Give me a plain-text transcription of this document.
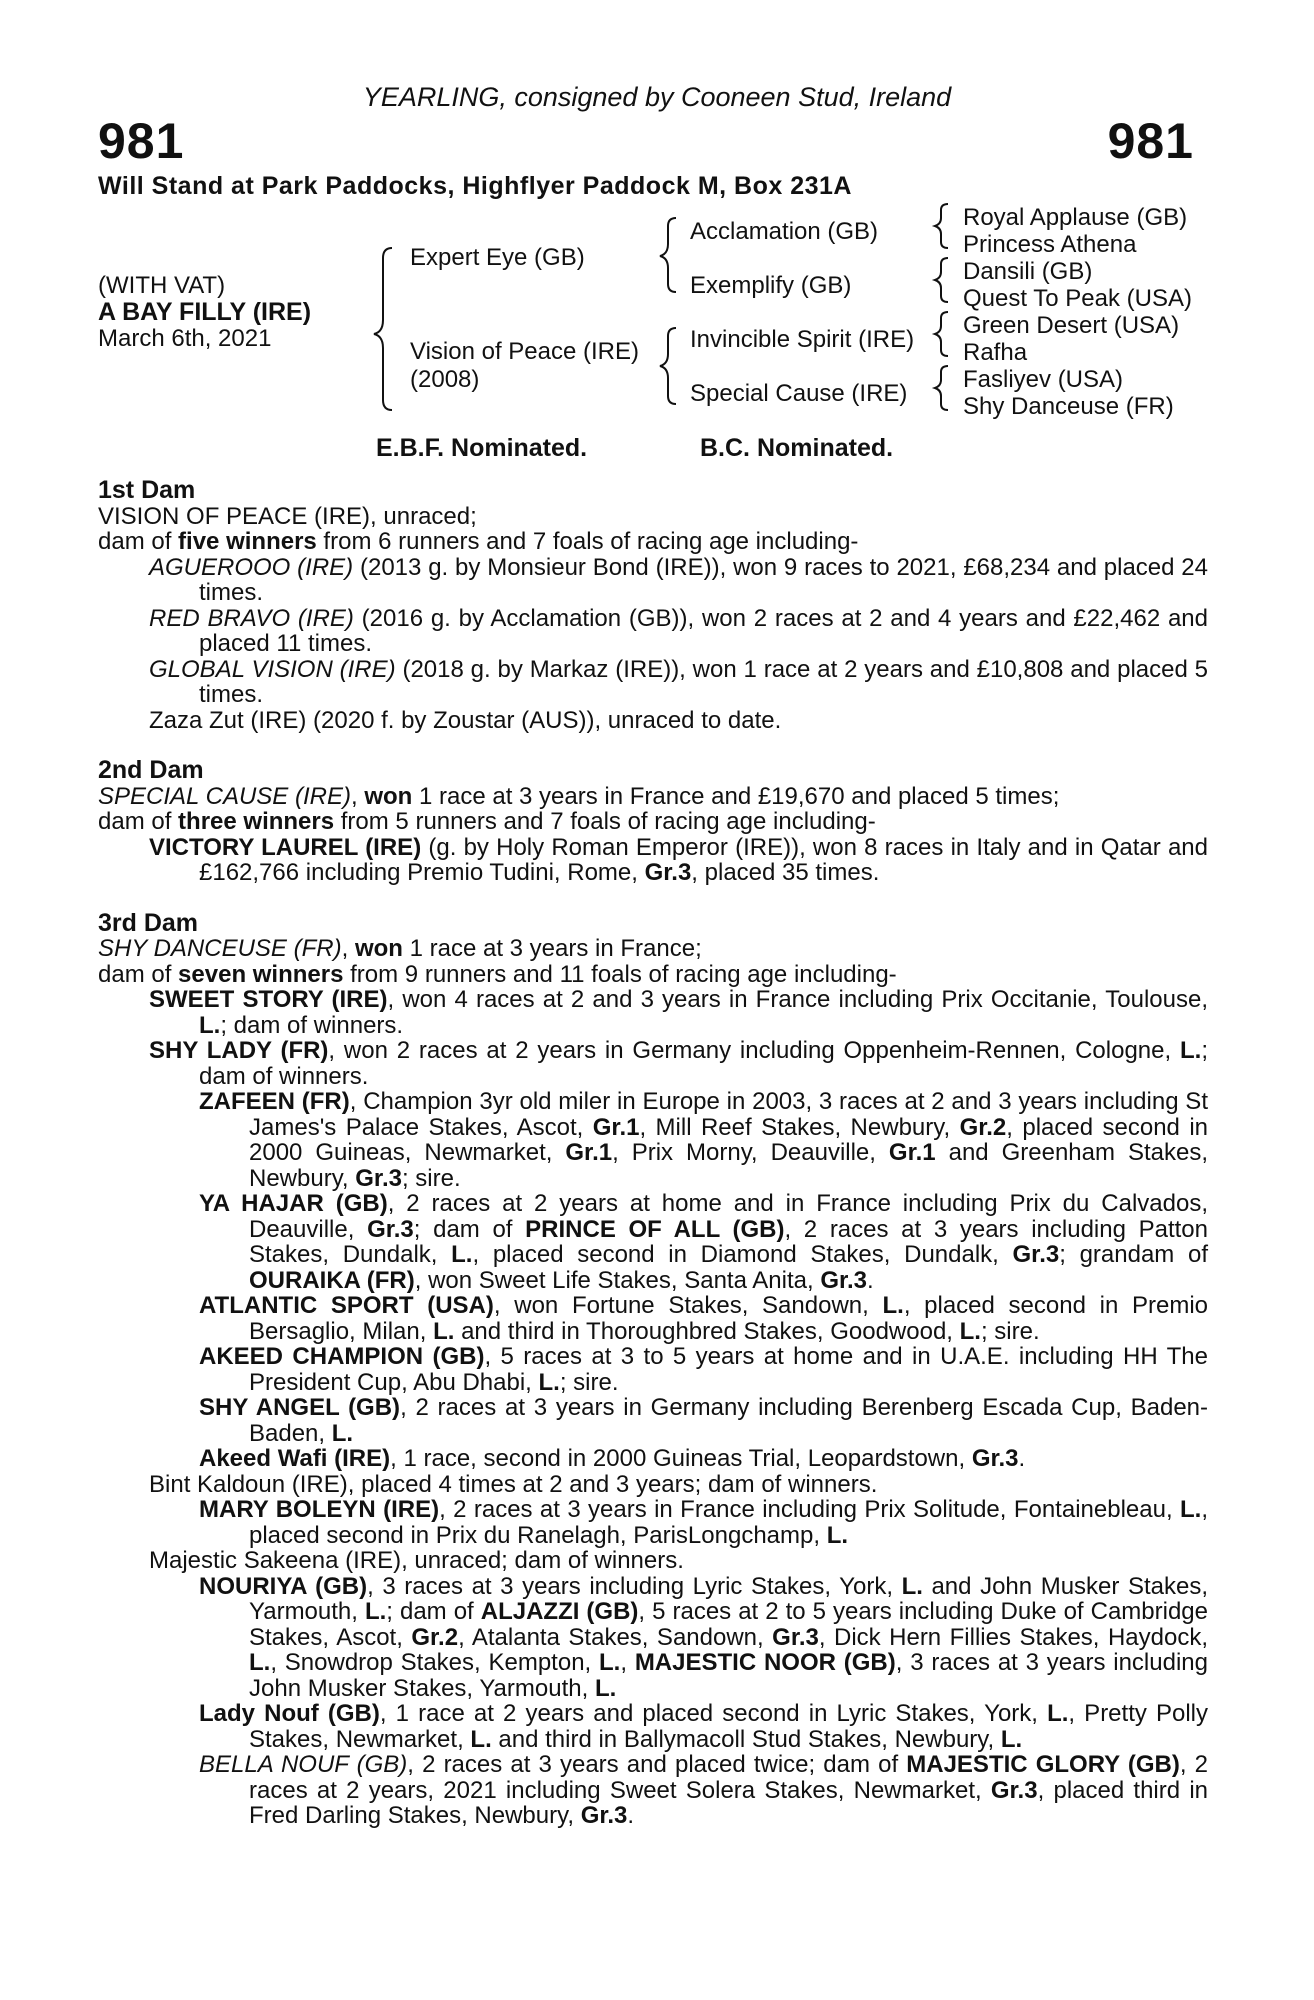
YEARLING, consigned by Cooneen Stud, Ireland
981	981
Will Stand at Park Paddocks, Highflyer Paddock M, Box 231A
(WITH VAT)
A BAY FILLY (IRE)
March 6th, 2021
Expert Eye (GB)
Vision of Peace (IRE)
(2008)
Acclamation (GB)
Exemplify (GB)
Invincible Spirit (IRE)
Special Cause (IRE)
Royal Applause (GB)
Princess Athena
Dansili (GB)
Quest To Peak (USA)
Green Desert (USA)
Rafha
Fasliyev (USA)
Shy Danceuse (FR)
E.B.F. Nominated.	B.C. Nominated.

1st Dam

VISION OF PEACE (IRE), unraced;

dam of five winners from 6 runners and 7 foals of racing age including-

AGUEROOO (IRE) (2013 g. by Monsieur Bond (IRE)), won 9 races to 2021, £68,234 and placed 24 times.

RED BRAVO (IRE) (2016 g. by Acclamation (GB)), won 2 races at 2 and 4 years and £22,462 and placed 11 times.

GLOBAL VISION (IRE) (2018 g. by Markaz (IRE)), won 1 race at 2 years and £10,808 and placed 5 times.

Zaza Zut (IRE) (2020 f. by Zoustar (AUS)), unraced to date.

2nd Dam

SPECIAL CAUSE (IRE), won 1 race at 3 years in France and £19,670 and placed 5 times;

dam of three winners from 5 runners and 7 foals of racing age including-

VICTORY LAUREL (IRE) (g. by Holy Roman Emperor (IRE)), won 8 races in Italy and in Qatar and £162,766 including Premio Tudini, Rome, Gr.3, placed 35 times.

3rd Dam

SHY DANCEUSE (FR), won 1 race at 3 years in France;

dam of seven winners from 9 runners and 11 foals of racing age including-

SWEET STORY (IRE), won 4 races at 2 and 3 years in France including Prix Occitanie, Toulouse, L.; dam of winners.

SHY LADY (FR), won 2 races at 2 years in Germany including Oppenheim-Rennen, Cologne, L.; dam of winners.

ZAFEEN (FR), Champion 3yr old miler in Europe in 2003, 3 races at 2 and 3 years including St James's Palace Stakes, Ascot, Gr.1, Mill Reef Stakes, Newbury, Gr.2, placed second in 2000 Guineas, Newmarket, Gr.1, Prix Morny, Deauville, Gr.1 and Greenham Stakes, Newbury, Gr.3; sire.

YA HAJAR (GB), 2 races at 2 years at home and in France including Prix du Calvados, Deauville, Gr.3; dam of PRINCE OF ALL (GB), 2 races at 3 years including Patton Stakes, Dundalk, L., placed second in Diamond Stakes, Dundalk, Gr.3; grandam of OURAIKA (FR), won Sweet Life Stakes, Santa Anita, Gr.3.

ATLANTIC SPORT (USA), won Fortune Stakes, Sandown, L., placed second in Premio Bersaglio, Milan, L. and third in Thoroughbred Stakes, Goodwood, L.; sire.

AKEED CHAMPION (GB), 5 races at 3 to 5 years at home and in U.A.E. including HH The President Cup, Abu Dhabi, L.; sire.

SHY ANGEL (GB), 2 races at 3 years in Germany including Berenberg Escada Cup, Baden-Baden, L.

Akeed Wafi (IRE), 1 race, second in 2000 Guineas Trial, Leopardstown, Gr.3.

Bint Kaldoun (IRE), placed 4 times at 2 and 3 years; dam of winners.

MARY BOLEYN (IRE), 2 races at 3 years in France including Prix Solitude, Fontainebleau, L., placed second in Prix du Ranelagh, ParisLongchamp, L.

Majestic Sakeena (IRE), unraced; dam of winners.

NOURIYA (GB), 3 races at 3 years including Lyric Stakes, York, L. and John Musker Stakes, Yarmouth, L.; dam of ALJAZZI (GB), 5 races at 2 to 5 years including Duke of Cambridge Stakes, Ascot, Gr.2, Atalanta Stakes, Sandown, Gr.3, Dick Hern Fillies Stakes, Haydock, L., Snowdrop Stakes, Kempton, L., MAJESTIC NOOR (GB), 3 races at 3 years including John Musker Stakes, Yarmouth, L.

Lady Nouf (GB), 1 race at 2 years and placed second in Lyric Stakes, York, L., Pretty Polly Stakes, Newmarket, L. and third in Ballymacoll Stud Stakes, Newbury, L.

BELLA NOUF (GB), 2 races at 3 years and placed twice; dam of MAJESTIC GLORY (GB), 2 races at 2 years, 2021 including Sweet Solera Stakes, Newmarket, Gr.3, placed third in Fred Darling Stakes, Newbury, Gr.3.
